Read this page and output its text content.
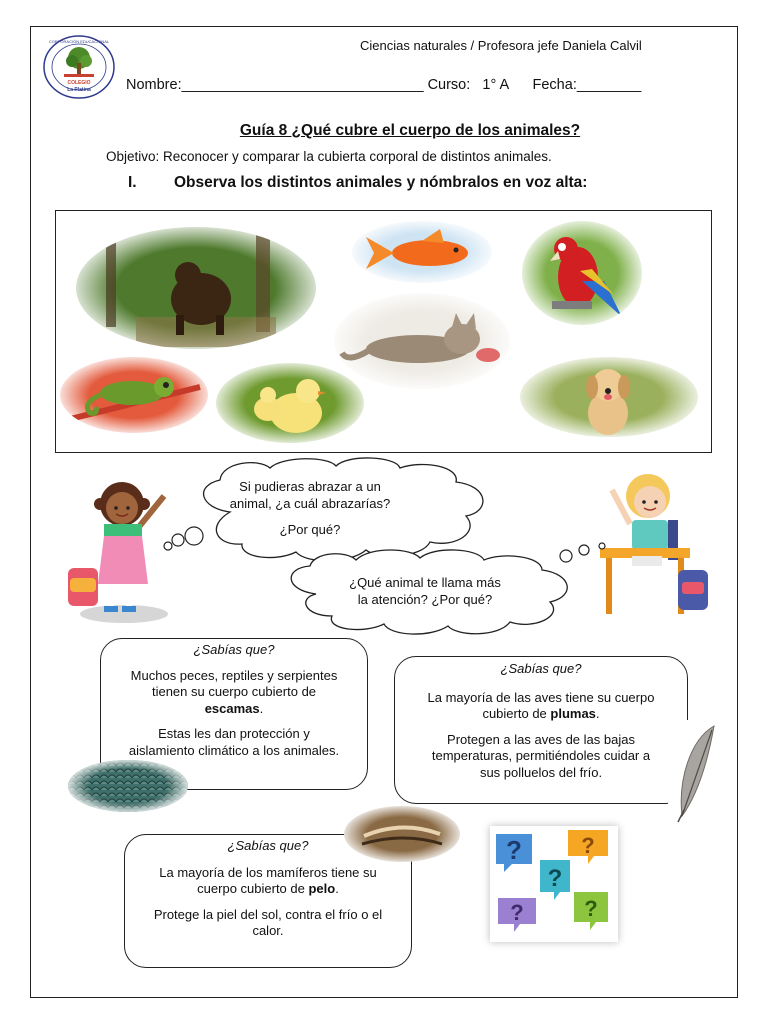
CORPORACIÓN EDUCACIONAL
COLEGIO
La Platina
Ciencias naturales / Profesora jefe Daniela Calvil
Nombre:______________________________ Curso: 1° A Fecha:________
Guía 8 ¿Qué cubre el cuerpo de los animales?
Objetivo: Reconocer y comparar la cubierta corporal de distintos animales.
I. Observa los distintos animales y nómbralos en voz alta:
Si pudieras abrazar a un
animal, ¿a cuál abrazarías?
¿Por qué?
¿Qué animal te llama más
la atención? ¿Por qué?
¿Sabías que?

Muchos peces, reptiles y serpientes
tienen su cuerpo cubierto de
escamas.

Estas les dan protección y
aislamiento climático a los animales.

¿Sabías que?

La mayoría de las aves tiene su cuerpo
cubierto de plumas.

Protegen a las aves de las bajas
temperaturas, permitiéndoles cuidar a
sus polluelos del frío.

¿Sabías que?

La mayoría de los mamíferos tiene su
cuerpo cubierto de pelo.

Protege la piel del sol, contra el frío o el
calor.

?	?
?
?	?
